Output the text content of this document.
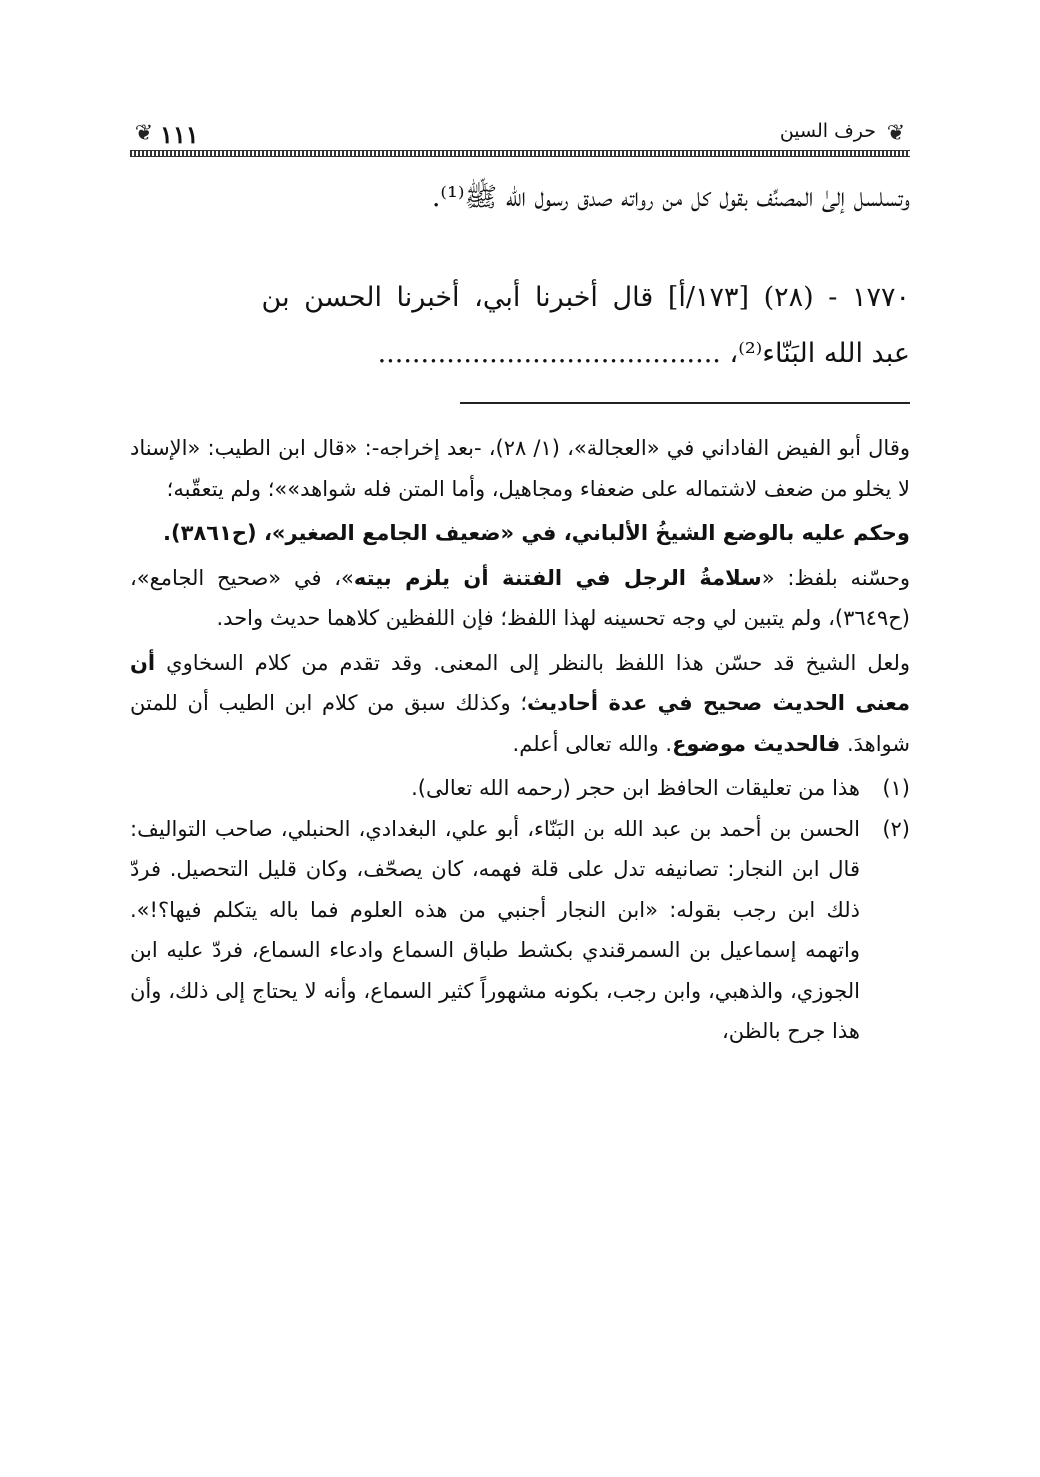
❦
حرف السين
١١١
❦

وتسلسل إلىٰ المصنِّف بقول كل من رواته صدق رسول الله ﷺ⁽¹⁾.

١٧٧٠ - (٢٨) [١٧٣/أ] قال أخبرنا أبي، أخبرنا الحسن بن

عبد الله البَنّاء⁽²⁾، ........................................

وقال أبو الفيض الفاداني في «العجالة»، (١/ ٢٨)، -بعد إخراجه-: «قال ابن الطيب: «الإسناد لا يخلو من ضعف لاشتماله على ضعفاء ومجاهيل، وأما المتن فله شواهد»»؛ ولم يتعقّبه؛

وحكم عليه بالوضع الشيخُ الألباني، في «ضعيف الجامع الصغير»، (ح٣٨٦١).

وحسّنه بلفظ: «سلامةُ الرجل في الفتنة أن يلزم بيته»، في «صحيح الجامع»، (ح٣٦٤٩)، ولم يتبين لي وجه تحسينه لهذا اللفظ؛ فإن اللفظين كلاهما حديث واحد.

ولعل الشيخ قد حسّن هذا اللفظ بالنظر إلى المعنى. وقد تقدم من كلام السخاوي أن معنى الحديث صحيح في عدة أحاديث؛ وكذلك سبق من كلام ابن الطيب أن للمتن شواهدَ. فالحديث موضوع. والله تعالى أعلم.

(١)
هذا من تعليقات الحافظ ابن حجر (رحمه الله تعالى).
(٢)
الحسن بن أحمد بن عبد الله بن البَنّاء، أبو علي، البغدادي، الحنبلي، صاحب التواليف: قال ابن النجار: تصانيفه تدل على قلة فهمه، كان يصحّف، وكان قليل التحصيل. فردّ ذلك ابن رجب بقوله: «ابن النجار أجنبي من هذه العلوم فما باله يتكلم فيها؟!». واتهمه إسماعيل بن السمرقندي بكشط طباق السماع وادعاء السماع، فردّ عليه ابن الجوزي، والذهبي، وابن رجب، بكونه مشهوراً كثير السماع، وأنه لا يحتاج إلى ذلك، وأن هذا جرح بالظن،
